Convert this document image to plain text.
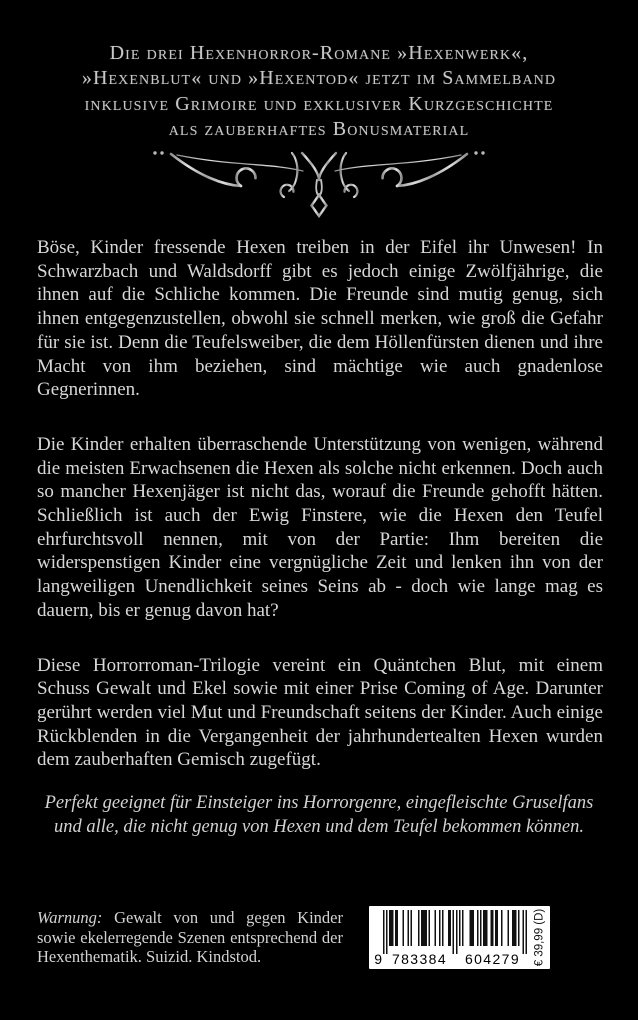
Die drei Hexenhorror-Romane »Hexenwerk«,
»Hexenblut« und »Hexentod« jetzt im Sammelband
inklusive Grimoire und exklusiver Kurzgeschichte
als zauberhaftes Bonusmaterial

Böse, Kinder fressende Hexen treiben in der Eifel ihr Unwesen! In Schwarzbach und Waldsdorff gibt es jedoch einige Zwölfjährige, die ihnen auf die Schliche kommen. Die Freunde sind mutig genug, sich ihnen entgegenzustellen, obwohl sie schnell merken, wie groß die Gefahr für sie ist. Denn die Teufelsweiber, die dem Höllenfürsten dienen und ihre Macht von ihm beziehen, sind mächtige wie auch gnadenlose Gegnerinnen.

Die Kinder erhalten überraschende Unterstützung von wenigen, während die meisten Erwachsenen die Hexen als solche nicht erkennen. Doch auch so mancher Hexenjäger ist nicht das, worauf die Freunde gehofft hätten. Schließlich ist auch der Ewig Finstere, wie die Hexen den Teufel ehrfurchtsvoll nennen, mit von der Partie: Ihm bereiten die widerspenstigen Kinder eine vergnügliche Zeit und lenken ihn von der langweiligen Unendlichkeit seines Seins ab - doch wie lange mag es dauern, bis er genug davon hat?

Diese Horrorroman-Trilogie vereint ein Quäntchen Blut, mit einem Schuss Gewalt und Ekel sowie mit einer Prise Coming of Age. Darunter gerührt werden viel Mut und Freundschaft seitens der Kinder. Auch einige Rückblenden in die Vergangenheit der jahrhundertealten Hexen wurden dem zauberhaften Gemisch zugefügt.

Perfekt geeignet für Einsteiger ins Horrorgenre, eingefleischte Gruselfans und alle, die nicht genug von Hexen und dem Teufel bekommen können.

Warnung: Gewalt von und gegen Kinder sowie ekelerregende Szenen entsprechend der Hexenthematik. Suizid. Kindstod.	9 783384	604279	€ 39,99 (D)
